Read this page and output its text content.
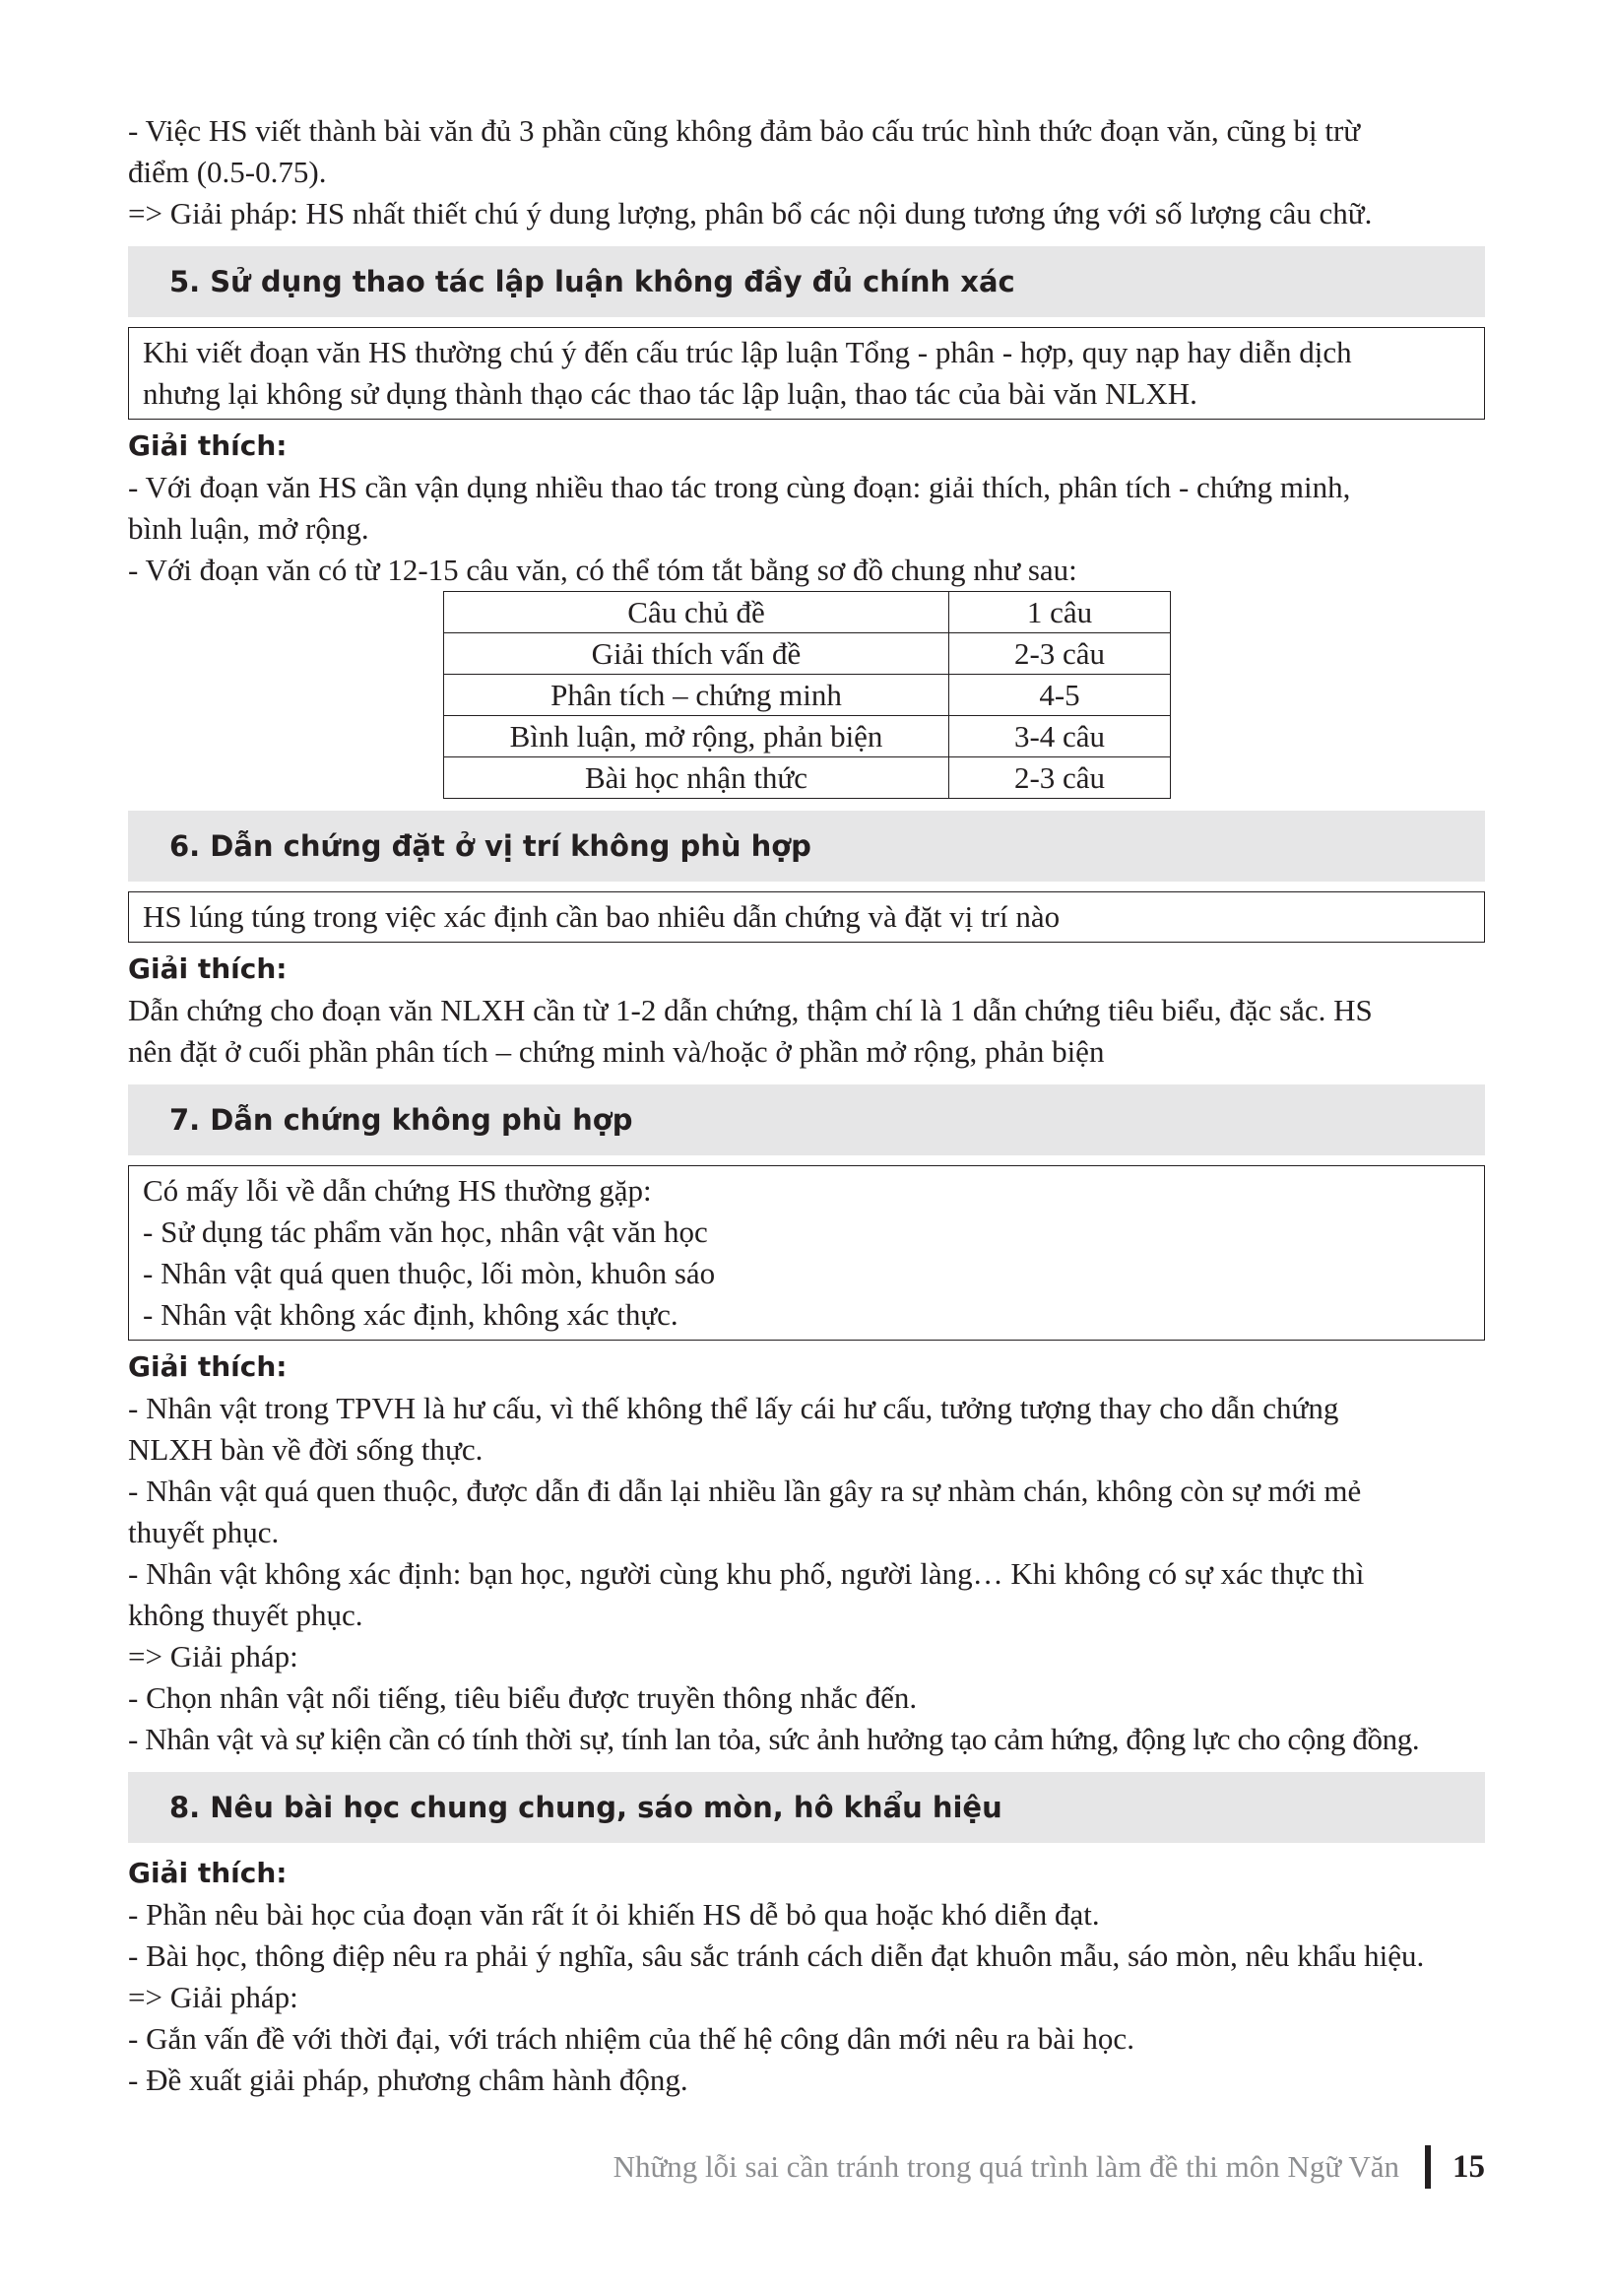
- Việc HS viết thành bài văn đủ 3 phần cũng không đảm bảo cấu trúc hình thức đoạn văn, cũng bị trừ

điểm (0.5-0.75).

=> Giải pháp: HS nhất thiết chú ý dung lượng, phân bổ các nội dung tương ứng với số lượng câu chữ.

5. Sử dụng thao tác lập luận không đầy đủ chính xác

Khi viết đoạn văn HS thường chú ý đến cấu trúc lập luận Tổng - phân - hợp, quy nạp hay diễn dịch

nhưng lại không sử dụng thành thạo các thao tác lập luận, thao tác của bài văn NLXH.

Giải thích:

- Với đoạn văn HS cần vận dụng nhiều thao tác trong cùng đoạn: giải thích, phân tích - chứng minh,

bình luận, mở rộng.

- Với đoạn văn có từ 12-15 câu văn, có thể tóm tắt bằng sơ đồ chung như sau:

Câu chủ đề	1 câu
Giải thích vấn đề	2-3 câu
Phân tích – chứng minh	4-5
Bình luận, mở rộng, phản biện	3-4 câu
Bài học nhận thức	2-3 câu
6. Dẫn chứng đặt ở vị trí không phù hợp

HS lúng túng trong việc xác định cần bao nhiêu dẫn chứng và đặt vị trí nào

Giải thích:

Dẫn chứng cho đoạn văn NLXH cần từ 1-2 dẫn chứng, thậm chí là 1 dẫn chứng tiêu biểu, đặc sắc. HS

nên đặt ở cuối phần phân tích – chứng minh và/hoặc ở phần mở rộng, phản biện

7. Dẫn chứng không phù hợp

Có mấy lỗi về dẫn chứng HS thường gặp:

- Sử dụng tác phẩm văn học, nhân vật văn học

- Nhân vật quá quen thuộc, lối mòn, khuôn sáo

- Nhân vật không xác định, không xác thực.

Giải thích:

- Nhân vật trong TPVH là hư cấu, vì thế không thể lấy cái hư cấu, tưởng tượng thay cho dẫn chứng

NLXH bàn về đời sống thực.

- Nhân vật quá quen thuộc, được dẫn đi dẫn lại nhiều lần gây ra sự nhàm chán, không còn sự mới mẻ

thuyết phục.

- Nhân vật không xác định: bạn học, người cùng khu phố, người làng… Khi không có sự xác thực thì

không thuyết phục.

=> Giải pháp:

- Chọn nhân vật nổi tiếng, tiêu biểu được truyền thông nhắc đến.

- Nhân vật và sự kiện cần có tính thời sự, tính lan tỏa, sức ảnh hưởng tạo cảm hứng, động lực cho cộng đồng.

8. Nêu bài học chung chung, sáo mòn, hô khẩu hiệu

Giải thích:

- Phần nêu bài học của đoạn văn rất ít ỏi khiến HS dễ bỏ qua hoặc khó diễn đạt.

- Bài học, thông điệp nêu ra phải ý nghĩa, sâu sắc tránh cách diễn đạt khuôn mẫu, sáo mòn, nêu khẩu hiệu.

=> Giải pháp:

- Gắn vấn đề với thời đại, với trách nhiệm của thế hệ công dân mới nêu ra bài học.

- Đề xuất giải pháp, phương châm hành động.

Những lỗi sai cần tránh trong quá trình làm đề thi môn Ngữ Văn 15
